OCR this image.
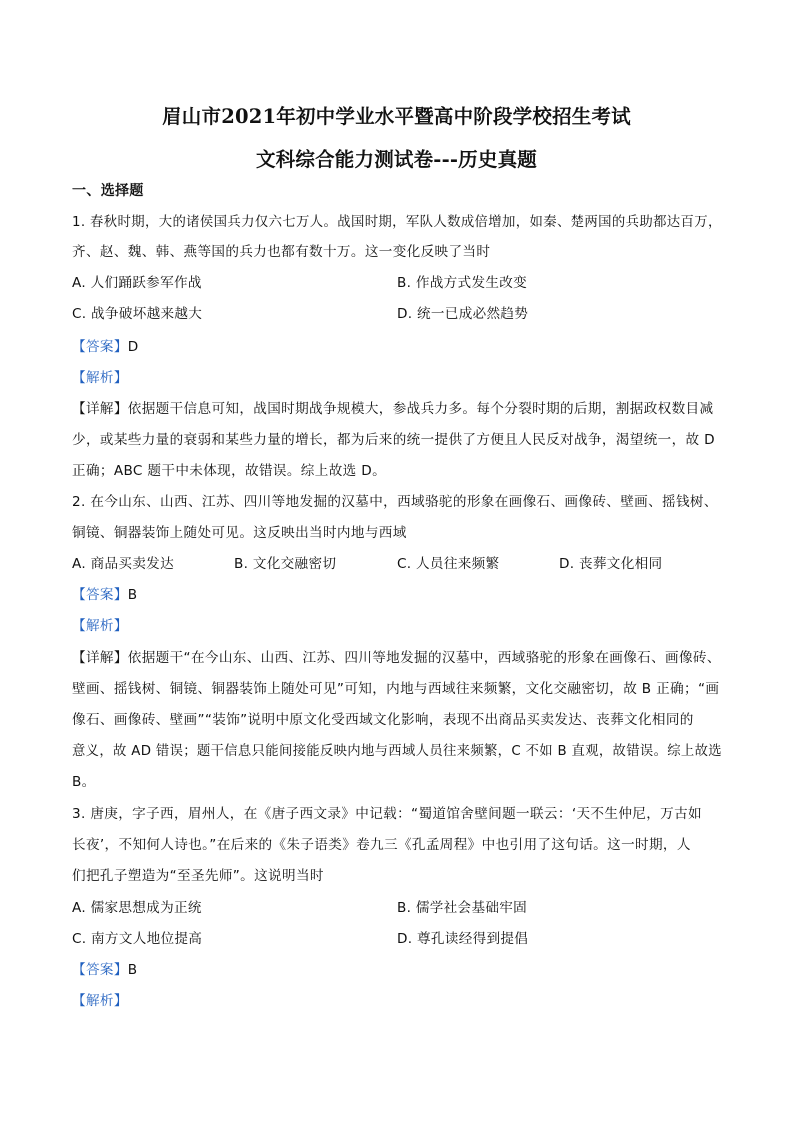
眉山市2021年初中学业水平暨高中阶段学校招生考试
文科综合能力测试卷---历史真题
一、选择题
1. 春秋时期，大的诸侯国兵力仅六七万人。战国时期，军队人数成倍增加，如秦、楚两国的兵助都达百万，
齐、赵、魏、韩、燕等国的兵力也都有数十万。这一变化反映了当时
A. 人们踊跃参军作战	B. 作战方式发生改变
C. 战争破坏越来越大	D. 统一已成必然趋势
【答案】D
【解析】
【详解】依据题干信息可知，战国时期战争规模大，参战兵力多。每个分裂时期的后期，割据政权数目减
少，或某些力量的衰弱和某些力量的增长，都为后来的统一提供了方便且人民反对战争，渴望统一，故 D
正确；ABC 题干中未体现，故错误。综上故选 D。
2. 在今山东、山西、江苏、四川等地发掘的汉墓中，西域骆驼的形象在画像石、画像砖、壁画、摇钱树、
铜镜、铜器装饰上随处可见。这反映出当时内地与西域
A. 商品买卖发达	B. 文化交融密切	C. 人员往来频繁	D. 丧葬文化相同
【答案】B
【解析】
【详解】依据题干“在今山东、山西、江苏、四川等地发掘的汉墓中，西域骆驼的形象在画像石、画像砖、
壁画、摇钱树、铜镜、铜器装饰上随处可见”可知，内地与西域往来频繁，文化交融密切，故 B 正确；“画
像石、画像砖、壁画”“装饰”说明中原文化受西域文化影响，表现不出商品买卖发达、丧葬文化相同的
意义，故 AD 错误；题干信息只能间接能反映内地与西域人员往来频繁，C 不如 B 直观，故错误。综上故选
B。
3. 唐庚，字子西，眉州人，在《唐子西文录》中记载：“蜀道馆舍壁间题一联云：‘天不生仲尼，万古如
长夜’，不知何人诗也。”在后来的《朱子语类》卷九三《孔孟周程》中也引用了这句话。这一时期，人
们把孔子塑造为“至圣先师”。这说明当时
A. 儒家思想成为正统	B. 儒学社会基础牢固
C. 南方文人地位提高	D. 尊孔读经得到提倡
【答案】B
【解析】
